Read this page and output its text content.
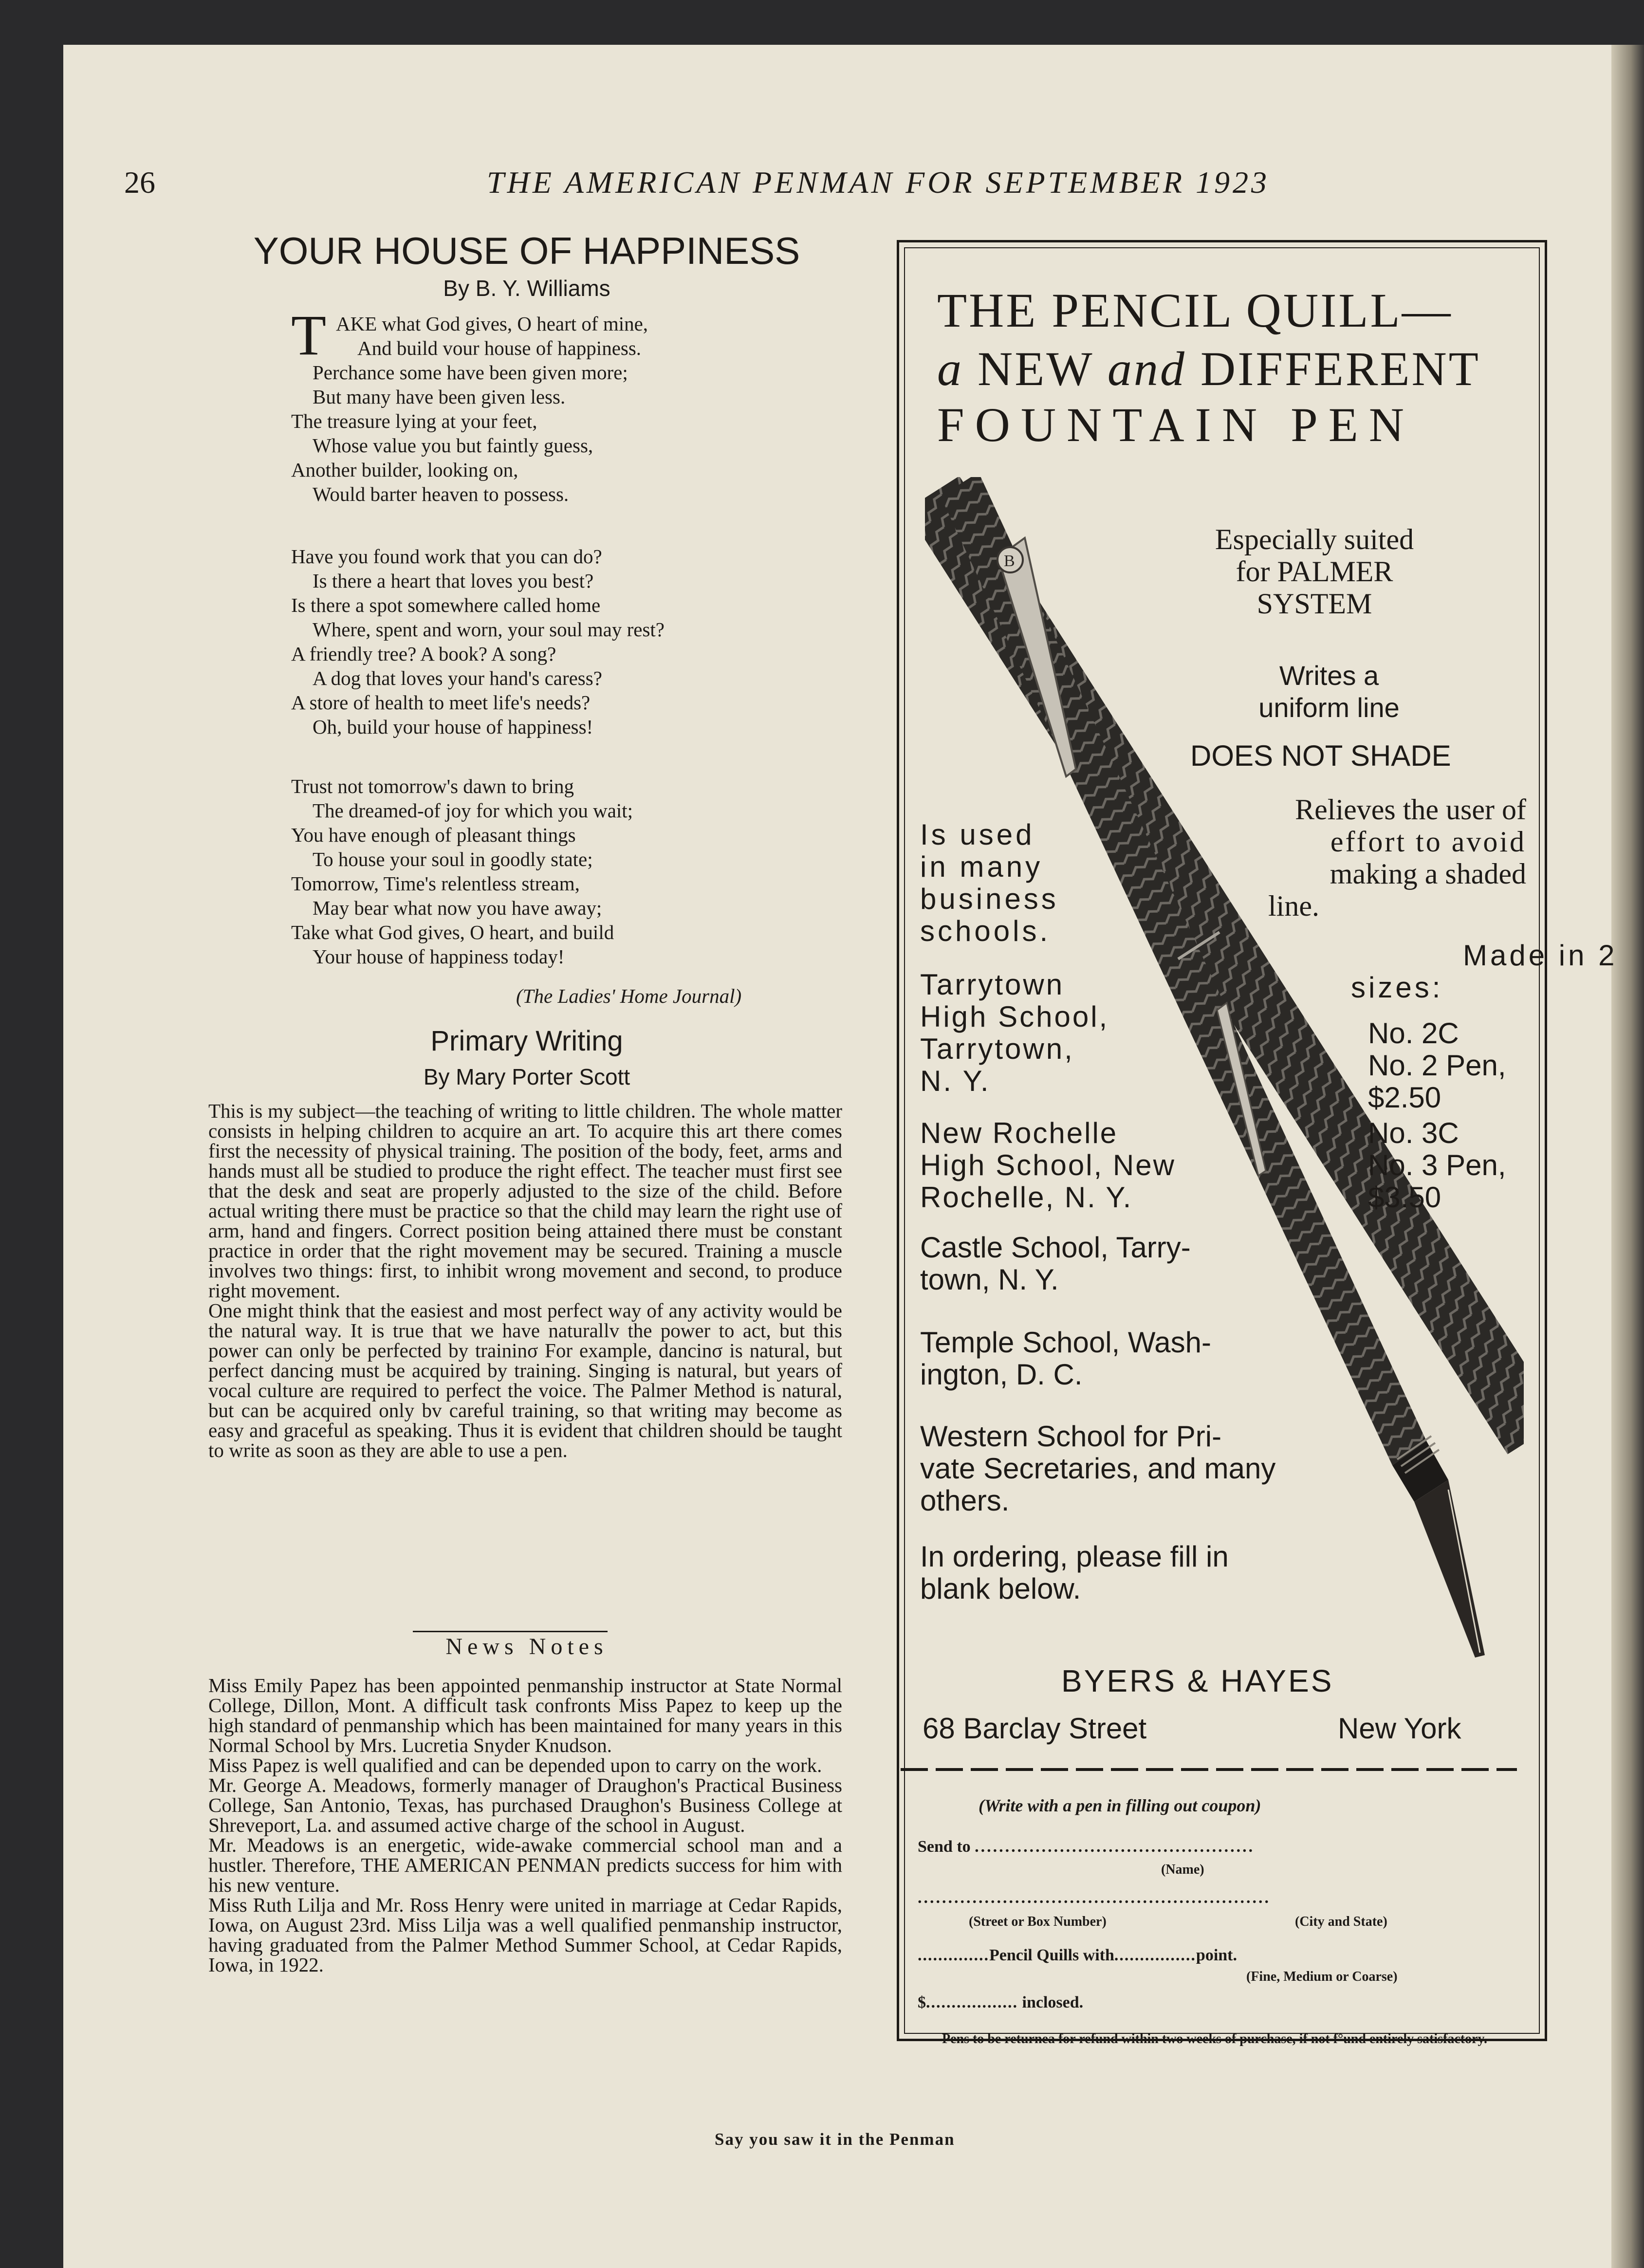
26	THE AMERICAN PENMAN FOR SEPTEMBER 1923
YOUR HOUSE OF HAPPINESS
By B. Y. Williams
T AKE what God gives, O heart of mine,
And build vour house of happiness.
Perchance some have been given more;
But many have been given less.
The treasure lying at your feet,
Whose value you but faintly guess,
Another builder, looking on,
Would barter heaven to possess.
Have you found work that you can do?
Is there a heart that loves you best?
Is there a spot somewhere called home
Where, spent and worn, your soul may rest?
A friendly tree? A book? A song?
A dog that loves your hand's caress?
A store of health to meet life's needs?
Oh, build your house of happiness!
Trust not tomorrow's dawn to bring
The dreamed-of joy for which you wait;
You have enough of pleasant things
To house your soul in goodly state;
Tomorrow, Time's relentless stream,
May bear what now you have away;
Take what God gives, O heart, and build
Your house of happiness today!
(The Ladies' Home Journal)
Primary Writing
By Mary Porter Scott

This is my subject—the teaching of writing to little children. The whole matter consists in helping children to acquire an art. To acquire this art there comes first the necessity of physical training. The position of the body, feet, arms and hands must all be studied to produce the right effect. The teacher must first see that the desk and seat are properly adjusted to the size of the child. Before actual writing there must be practice so that the child may learn the right use of arm, hand and fingers. Correct position being attained there must be constant practice in order that the right movement may be secured. Training a muscle involves two things: first, to inhibit wrong movement and second, to produce right movement.

One might think that the easiest and most perfect way of any activity would be the natural way. It is true that we have naturallv the power to act, but this power can only be perfected by traininσ For example, dancinσ is natural, but perfect dancing must be acquired by training. Singing is natural, but years of vocal culture are required to perfect the voice. The Palmer Method is natural, but can be acquired only bv careful training, so that writing may become as easy and graceful as speaking. Thus it is evident that children should be taught to write as soon as they are able to use a pen.

News Notes

Miss Emily Papez has been appointed penmanship instructor at State Normal College, Dillon, Mont. A difficult task confronts Miss Papez to keep up the high standard of penmanship which has been maintained for many years in this Normal School by Mrs. Lucretia Snyder Knudson.

Miss Papez is well qualified and can be depended upon to carry on the work.

Mr. George A. Meadows, formerly manager of Draughon's Practical Business College, San Antonio, Texas, has purchased Draughon's Business College at Shreveport, La. and assumed active charge of the school in August.

Mr. Meadows is an energetic, wide-awake commercial school man and a hustler. Therefore, THE AMERICAN PENMAN predicts success for him with his new venture.

Miss Ruth Lilja and Mr. Ross Henry were united in marriage at Cedar Rapids, Iowa, on August 23rd. Miss Lilja was a well qualified penmanship instructor, having graduated from the Palmer Method Summer School, at Cedar Rapids, Iowa, in 1922.

THE PENCIL QUILL—
a NEW and DIFFERENT
FOUNTAIN PEN
B
Especially suited
for PALMER
SYSTEM
Writes a
uniform line
DOES NOT SHADE
Relieves the user of
effort to avoid
making a shaded
line.
Is used
in many
business
schools.
Tarrytown
High School,
Tarrytown,
N. Y.
New Rochelle
High School, New
Rochelle, N. Y.
Castle School, Tarry-
town, N. Y.
Temple School, Wash-
ington, D. C.
Western School for Pri-
vate Secretaries, and many
others.
In ordering, please fill in
blank below.
Made in 2
sizes:
No. 2C
No. 2 Pen,
$2.50
No. 3C
No. 3 Pen,
$3.50
BYERS & HAYES
68 Barclay Street	New York
(Write with a pen in filling out coupon)
Send to ..............................................
(Name)
..........................................................
(Street or Box Number)	(City and State)
..............Pencil Quills with................point.
(Fine, Medium or Coarse)
$.................. inclosed.
Pens to be returnea for refund within two weeks of purchase, if not f°und entirely satisfactory.
Say you saw it in the Penman
